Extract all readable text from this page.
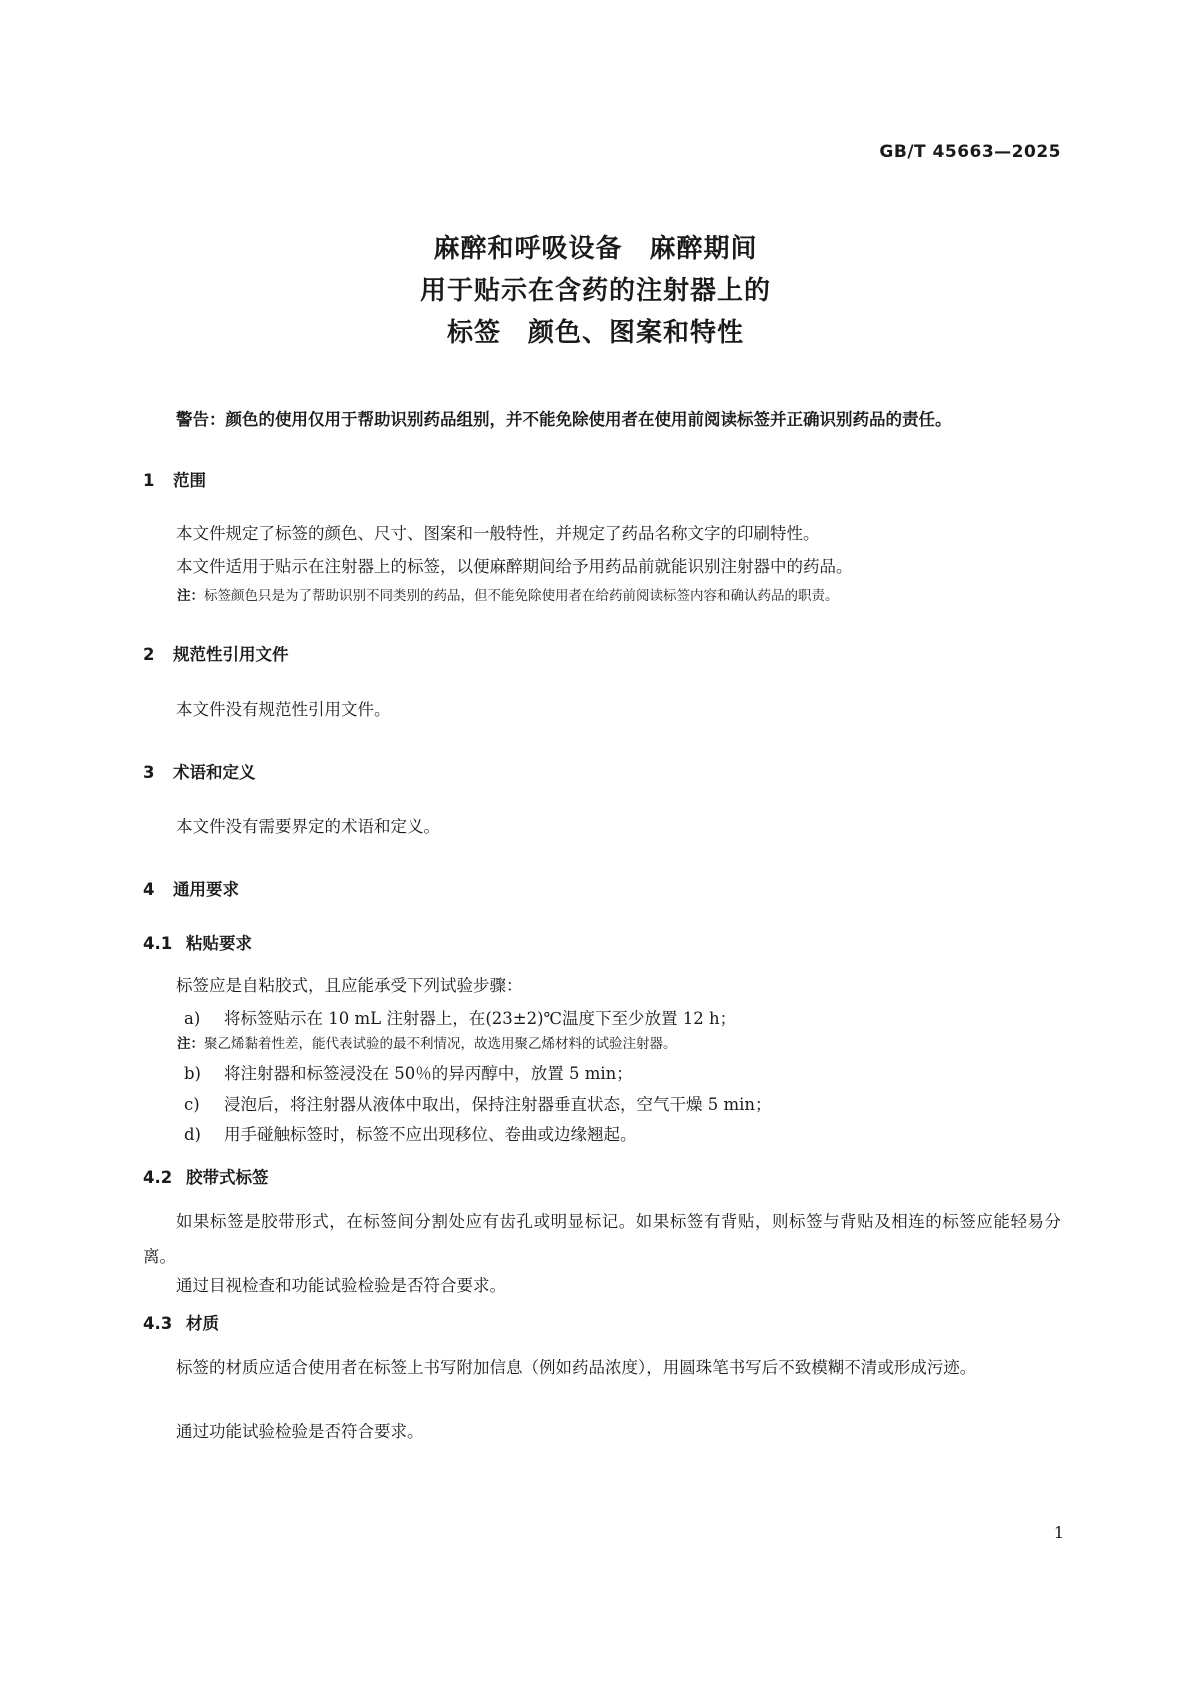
GB/T 45663—2025
麻醉和呼吸设备　麻醉期间
用于贴示在含药的注射器上的
标签　颜色、图案和特性
警告：颜色的使用仅用于帮助识别药品组别，并不能免除使用者在使用前阅读标签并正确识别药品的责任。
1 范围
本文件规定了标签的颜色、尺寸、图案和一般特性，并规定了药品名称文字的印刷特性。
本文件适用于贴示在注射器上的标签，以便麻醉期间给予用药品前就能识别注射器中的药品。
注：标签颜色只是为了帮助识别不同类别的药品，但不能免除使用者在给药前阅读标签内容和确认药品的职责。
2 规范性引用文件
本文件没有规范性引用文件。
3 术语和定义
本文件没有需要界定的术语和定义。
4 通用要求
4.1 粘贴要求
标签应是自粘胶式，且应能承受下列试验步骤：
a) 将标签贴示在 10 mL 注射器上，在(23±2)℃温度下至少放置 12 h；
注：聚乙烯黏着性差，能代表试验的最不利情况，故选用聚乙烯材料的试验注射器。
b) 将注射器和标签浸没在 50％的异丙醇中，放置 5 min；
c) 浸泡后，将注射器从液体中取出，保持注射器垂直状态，空气干燥 5 min；
d) 用手碰触标签时，标签不应出现移位、卷曲或边缘翘起。
4.2 胶带式标签
如果标签是胶带形式，在标签间分割处应有齿孔或明显标记。如果标签有背贴，则标签与背贴及相连的标签应能轻易分离。
通过目视检查和功能试验检验是否符合要求。
4.3 材质
标签的材质应适合使用者在标签上书写附加信息（例如药品浓度），用圆珠笔书写后不致模糊不清或形成污迹。
通过功能试验检验是否符合要求。
1
